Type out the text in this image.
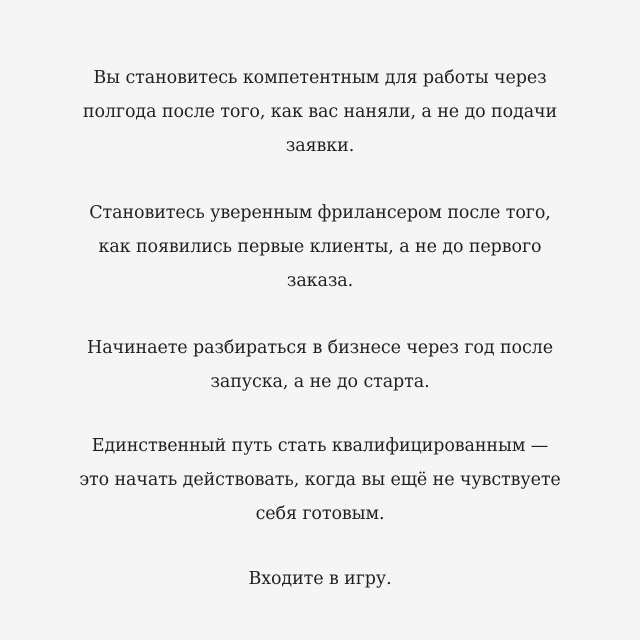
Вы становитесь компетентным для работы через
полгода после того, как вас наняли, а не до подачи
заявки.
Становитесь уверенным фрилансером после того,
как появились первые клиенты, а не до первого
заказа.
Начинаете разбираться в бизнесе через год после
запуска, а не до старта.
Единственный путь стать квалифицированным —
это начать действовать, когда вы ещё не чувствуете
себя готовым.
Входите в игру.
